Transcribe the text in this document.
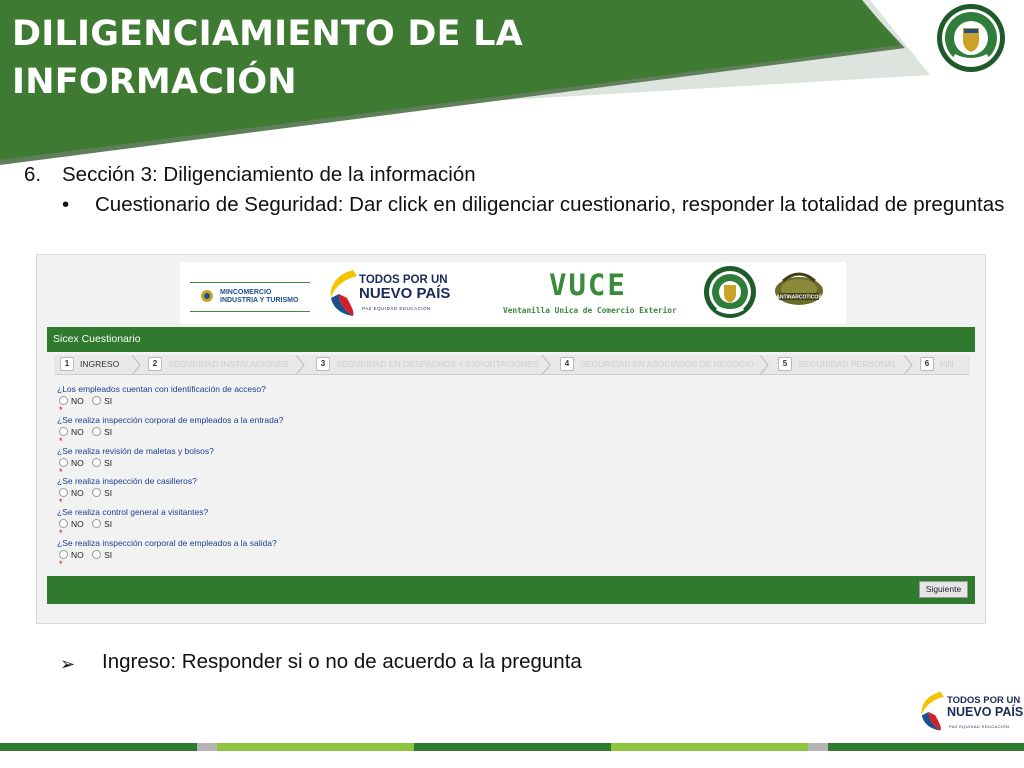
DILIGENCIAMIENTO DE LA
INFORMACIÓN
6. Sección 3: Diligenciamiento de la información
• Cuestionario de Seguridad: Dar click en diligenciar cuestionario, responder la totalidad de preguntas
MINCOMERCIO
INDUSTRIA Y TURISMO
TODOS POR UN
NUEVO PAÍS
PAZ EQUIDAD EDUCACIÓN
VUCE
Ventanilla Unica de Comercio Exterior
ANTINARCOTICOS
Sicex Cuestionario
1 INGRESO	2 SEGURIDAD INSTALACIONES	3 SEGURIDAD EN DESPACHOS Y EXPORTACIONES	4 SEGURIDAD EN ASOCIADOS DE NEGOCIO	5 SEGURIDAD PERSONAL	6 FIN
¿Los empleados cuentan con identificación de acceso?
NO SI
*
¿Se realiza inspección corporal de empleados a la entrada?
NO SI
*
¿Se realiza revisión de maletas y bolsos?
NO SI
*
¿Se realiza inspección de casilleros?
NO SI
*
¿Se realiza control general a visitantes?
NO SI
*
¿Se realiza inspección corporal de empleados a la salida?
NO SI
*
Siguiente
➢ Ingreso: Responder si o no de acuerdo a la pregunta
TODOS POR UN
NUEVO PAÍS
PAZ EQUIDAD EDUCACIÓN
